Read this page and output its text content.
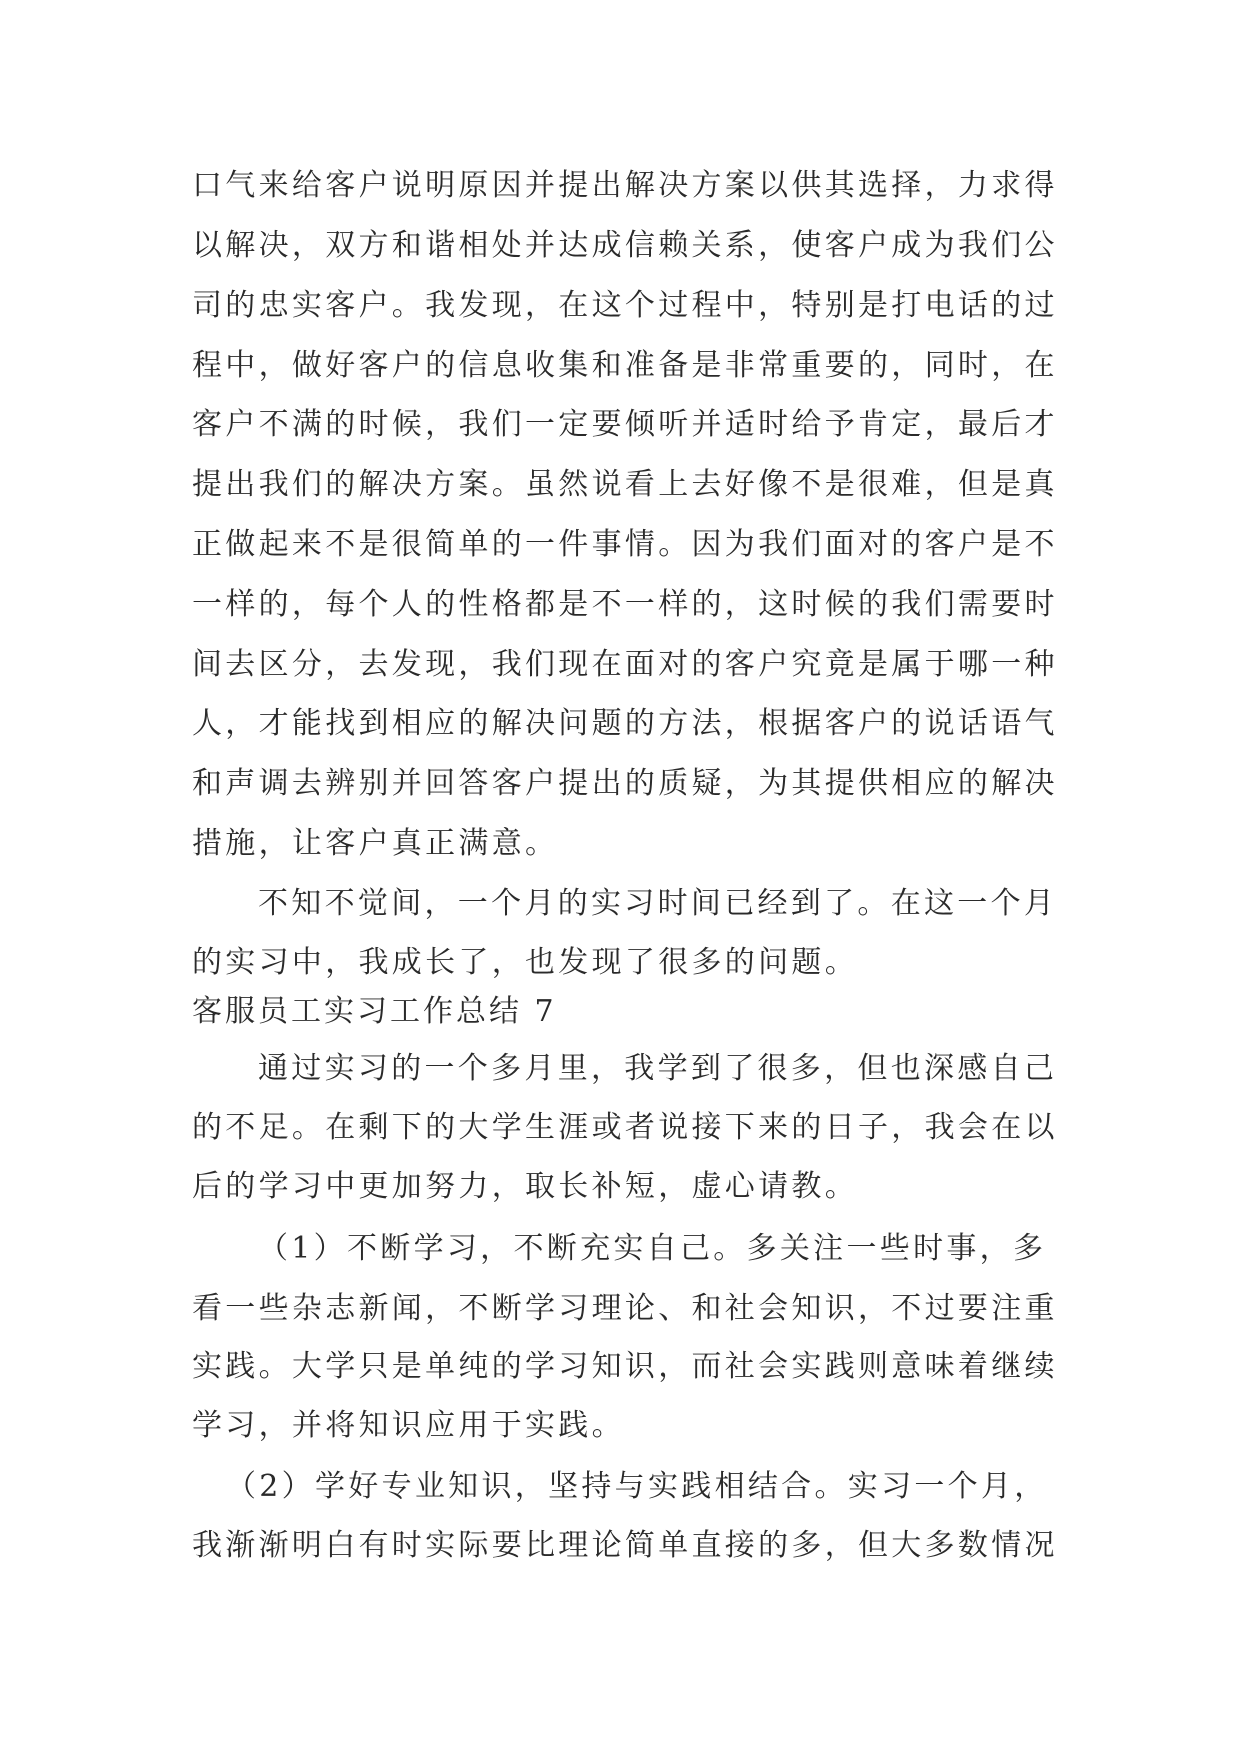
口气来给客户说明原因并提出解决方案以供其选择，力求得
以解决，双方和谐相处并达成信赖关系，使客户成为我们公
司的忠实客户。我发现，在这个过程中，特别是打电话的过
程中，做好客户的信息收集和准备是非常重要的，同时，在
客户不满的时候，我们一定要倾听并适时给予肯定，最后才
提出我们的解决方案。虽然说看上去好像不是很难，但是真
正做起来不是很简单的一件事情。因为我们面对的客户是不
一样的，每个人的性格都是不一样的，这时候的我们需要时
间去区分，去发现，我们现在面对的客户究竟是属于哪一种
人，才能找到相应的解决问题的方法，根据客户的说话语气
和声调去辨别并回答客户提出的质疑，为其提供相应的解决
措施，让客户真正满意。
不知不觉间，一个月的实习时间已经到了。在这一个月
的实习中，我成长了，也发现了很多的问题。
客服员工实习工作总结 7
通过实习的一个多月里，我学到了很多，但也深感自己
的不足。在剩下的大学生涯或者说接下来的日子，我会在以
后的学习中更加努力，取长补短，虚心请教。
（1）不断学习，不断充实自己。多关注一些时事，多
看一些杂志新闻，不断学习理论、和社会知识，不过要注重
实践。大学只是单纯的学习知识，而社会实践则意味着继续
学习，并将知识应用于实践。
（2）学好专业知识，坚持与实践相结合。实习一个月，
我渐渐明白有时实际要比理论简单直接的多，但大多数情况
